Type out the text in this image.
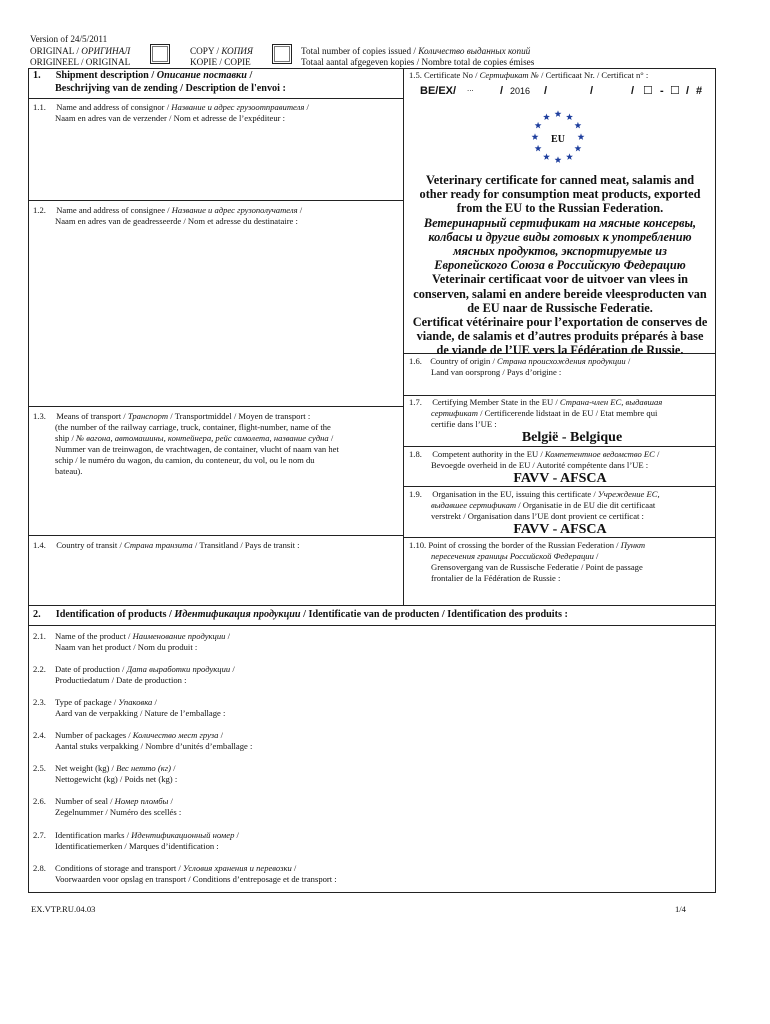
Version of 24/5/2011
ORIGINAL / ОРИГИНАЛ
ORIGINEEL / ORIGINAL
COPY / КОПИЯ
KOPIE / COPIE
Total number of copies issued / Количество выданных копий
Totaal aantal afgegeven kopies / Nombre total de copies émises
1. Shipment description / Описание поставки /
Beschrijving van de zending / Description de l'envoi :
1.5. Certificate No / Сертификат № / Certificaat Nr. / Certificat n° :
BE/EX/ ... / 2016 /	/	/ ☐ - ☐ / #
1.1. Name and address of consignor / Название и адрес грузоотправителя /
Naam en adres van de verzender / Nom et adresse de l’expéditeur :
1.2. Name and address of consignee / Название и адрес грузополучателя /
Naam en adres van de geadresseerde / Nom et adresse du destinataire :
1.3. Means of transport / Транспорт / Transportmiddel / Moyen de transport :
(the number of the railway carriage, truck, container, flight-number, name of the
ship / № вагона, автомашины, контейнера, рейс самолета, название судна /
Nummer van de treinwagon, de vrachtwagen, de container, vlucht of naam van het
schip / le numéro du wagon, du camion, du conteneur, du vol, ou le nom du
bateau).
1.4. Country of transit / Страна транзита / Transitland / Pays de transit :
EU
Veterinary certificate for canned meat, salamis and
other ready for consumption meat products, exported
from the EU to the Russian Federation.
Ветеринарный сертификат на мясные консервы,
колбасы и другие виды готовых к употреблению
мясных продуктов, экспортируемые из
Европейского Союза в Российскую Федерацию
Veterinair certificaat voor de uitvoer van vlees in
conserven, salami en andere bereide vleesproducten van
de EU naar de Russische Federatie.
Certificat vétérinaire pour l’exportation de conserves de
viande, de salamis et d’autres produits préparés à base
de viande de l’UE vers la Fédération de Russie.
1.6. Country of origin / Страна происхождения продукции /
Land van oorsprong / Pays d’origine :
1.7. Certifying Member State in the EU / Страна-член ЕС, выдавшая
сертификат / Certificerende lidstaat in de EU / Etat membre qui
certifie dans l’UE :
België - Belgique
1.8. Competent authority in the EU / Компетентное ведомство ЕС /
Bevoegde overheid in de EU / Autorité compétente dans l’UE :
FAVV - AFSCA
1.9. Organisation in the EU, issuing this certificate / Учреждение ЕС,
выдавшее сертификат / Organisatie in de EU die dit certificaat
verstrekt / Organisation dans l’UE dont provient ce certificat :
FAVV - AFSCA
1.10. Point of crossing the border of the Russian Federation / Пункт
пересечения границы Российской Федерации /
Grensovergang van de Russische Federatie / Point de passage
frontalier de la Fédération de Russie :
2. Identification of products / Идентификация продукции / Identificatie van de producten / Identification des produits :
2.1. Name of the product / Наименование продукции /
Naam van het product / Nom du produit :
2.2. Date of production / Дата выработки продукции /
Productiedatum / Date de production :
2.3. Type of package / Упаковка /
Aard van de verpakking / Nature de l’emballage :
2.4. Number of packages / Количество мест груза /
Aantal stuks verpakking / Nombre d’unités d’emballage :
2.5. Net weight (kg) / Вес нетто (кг) /
Nettogewicht (kg) / Poids net (kg) :
2.6. Number of seal / Номер пломбы /
Zegelnummer / Numéro des scellés :
2.7. Identification marks / Идентификационный номер /
Identificatiemerken / Marques d’identification :
2.8. Conditions of storage and transport / Условия хранения и перевозки /
Voorwaarden voor opslag en transport / Conditions d’entreposage et de transport :
EX.VTP.RU.04.03	1/4
